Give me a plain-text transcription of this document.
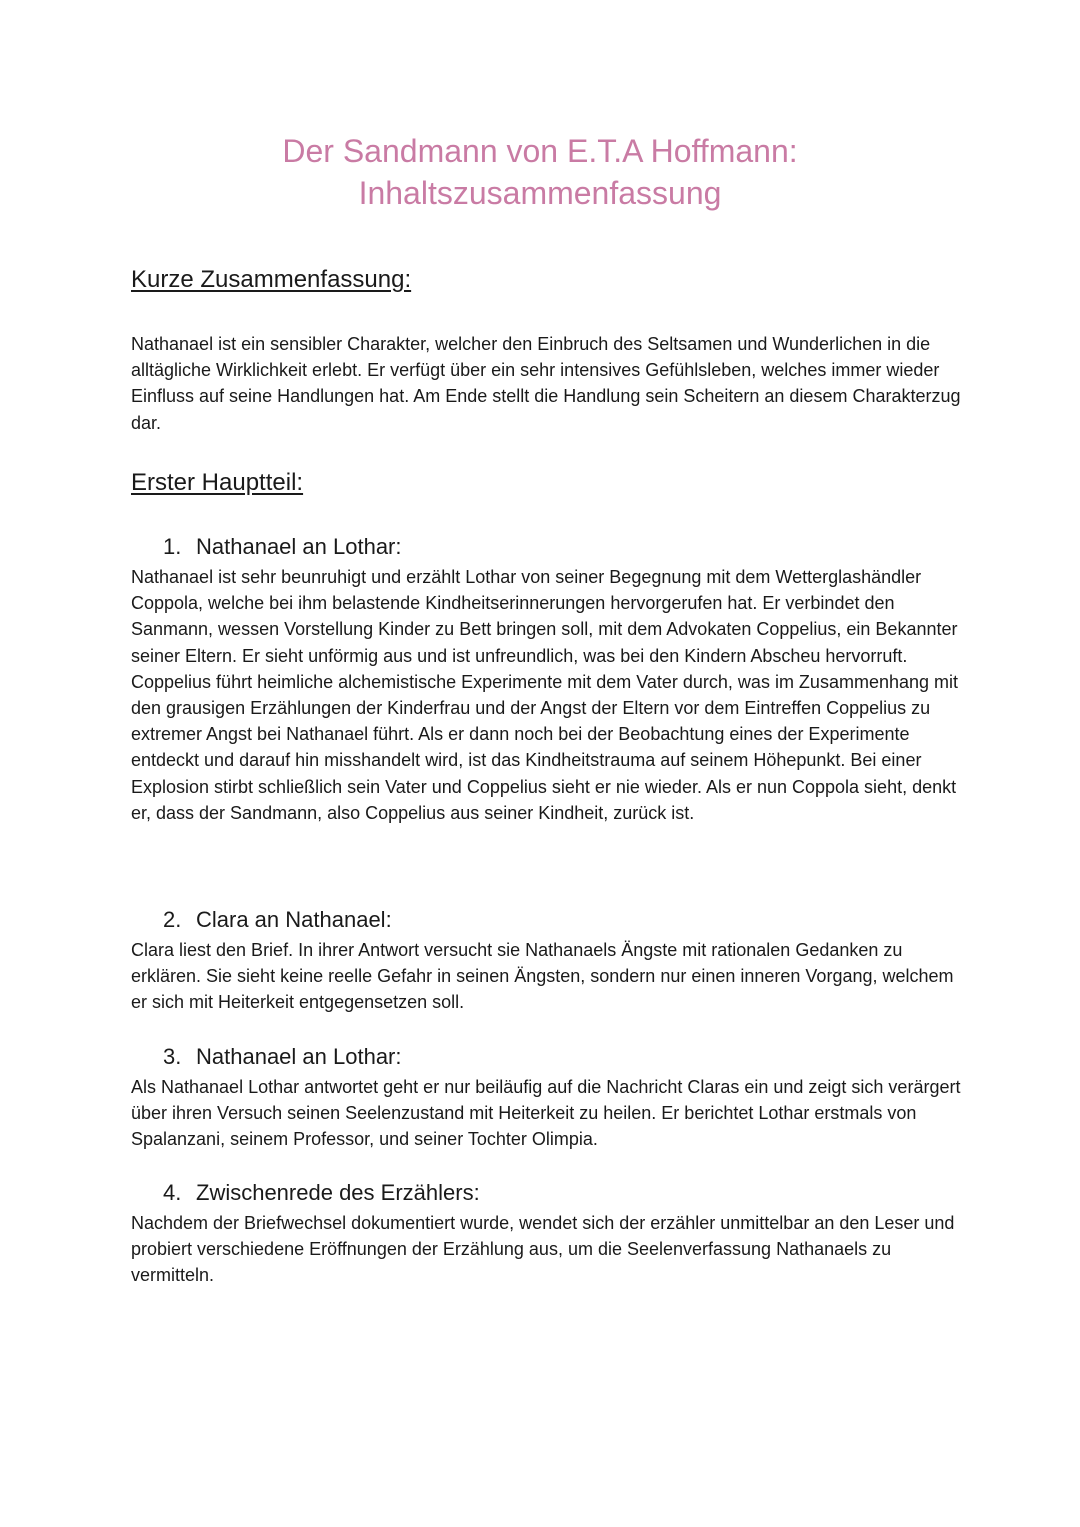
Der Sandmann von E.T.A Hoffmann:
Inhaltszusammenfassung
Kurze Zusammenfassung:

Nathanael ist ein sensibler Charakter, welcher den Einbruch des Seltsamen und Wunderlichen in die alltägliche Wirklichkeit erlebt. Er verfügt über ein sehr intensives Gefühlsleben, welches immer wieder Einfluss auf seine Handlungen hat. Am Ende stellt die Handlung sein Scheitern an diesem Charakterzug dar.

Erster Hauptteil:
1. Nathanael an Lothar:

Nathanael ist sehr beunruhigt und erzählt Lothar von seiner Begegnung mit dem Wetterglashändler Coppola, welche bei ihm belastende Kindheitserinnerungen hervorgerufen hat. Er verbindet den Sanmann, wessen Vorstellung Kinder zu Bett bringen soll, mit dem Advokaten Coppelius, ein Bekannter seiner Eltern. Er sieht unförmig aus und ist unfreundlich, was bei den Kindern Abscheu hervorruft.

Coppelius führt heimliche alchemistische Experimente mit dem Vater durch, was im Zusammenhang mit den grausigen Erzählungen der Kinderfrau und der Angst der Eltern vor dem Eintreffen Coppelius zu extremer Angst bei Nathanael führt. Als er dann noch bei der Beobachtung eines der Experimente entdeckt und darauf hin misshandelt wird, ist das Kindheitstrauma auf seinem Höhepunkt. Bei einer Explosion stirbt schließlich sein Vater und Coppelius sieht er nie wieder. Als er nun Coppola sieht, denkt er, dass der Sandmann, also Coppelius aus seiner Kindheit, zurück ist.

2. Clara an Nathanael:

Clara liest den Brief. In ihrer Antwort versucht sie Nathanaels Ängste mit rationalen Gedanken zu erklären. Sie sieht keine reelle Gefahr in seinen Ängsten, sondern nur einen inneren Vorgang, welchem er sich mit Heiterkeit entgegensetzen soll.

3. Nathanael an Lothar:

Als Nathanael Lothar antwortet geht er nur beiläufig auf die Nachricht Claras ein und zeigt sich verärgert über ihren Versuch seinen Seelenzustand mit Heiterkeit zu heilen. Er berichtet Lothar erstmals von Spalanzani, seinem Professor, und seiner Tochter Olimpia.

4. Zwischenrede des Erzählers:

Nachdem der Briefwechsel dokumentiert wurde, wendet sich der erzähler unmittelbar an den Leser und probiert verschiedene Eröffnungen der Erzählung aus, um die Seelenverfassung Nathanaels zu vermitteln.
